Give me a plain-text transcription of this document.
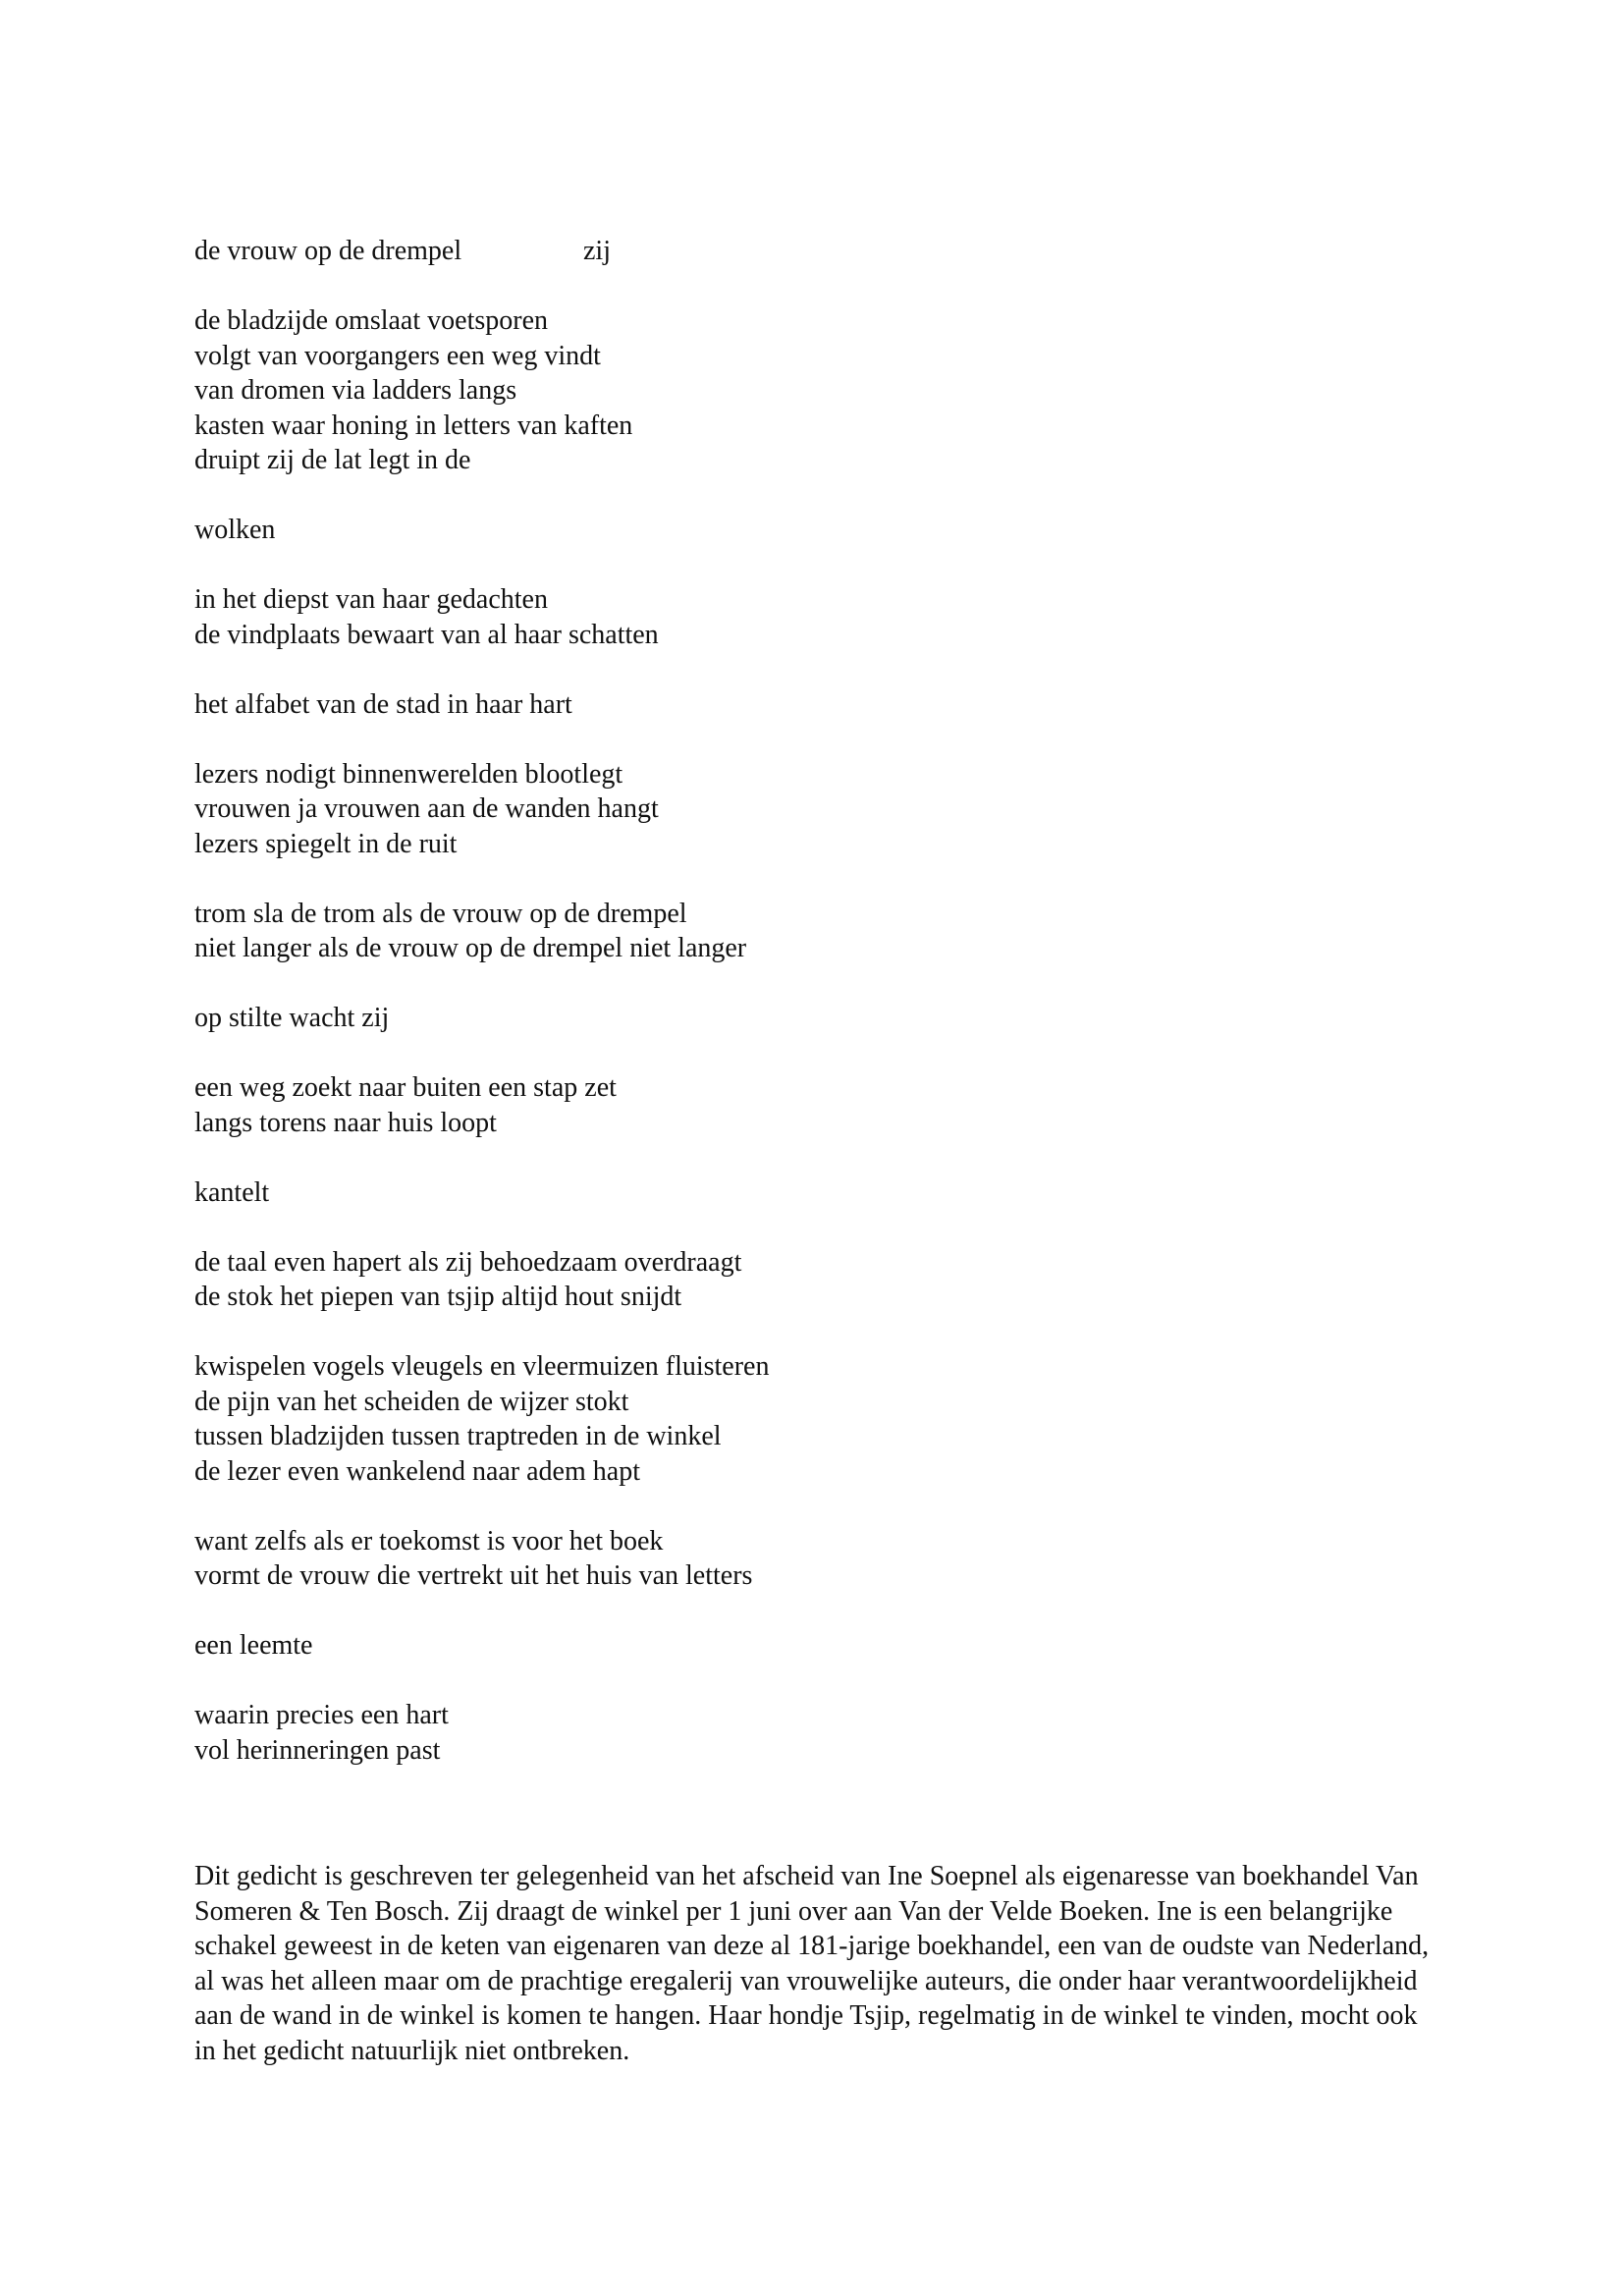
de vrouw op de drempel	zij
de bladzijde omslaat voetsporen
volgt van voorgangers een weg vindt
van dromen via ladders langs
kasten waar honing in letters van kaften
druipt zij de lat legt in de
wolken
in het diepst van haar gedachten
de vindplaats bewaart van al haar schatten
het alfabet van de stad in haar hart
lezers nodigt binnenwerelden blootlegt
vrouwen ja vrouwen aan de wanden hangt
lezers spiegelt in de ruit
trom sla de trom als de vrouw op de drempel
niet langer als de vrouw op de drempel niet langer
op stilte wacht zij
een weg zoekt naar buiten een stap zet
langs torens naar huis loopt
kantelt
de taal even hapert als zij behoedzaam overdraagt
de stok het piepen van tsjip altijd hout snijdt
kwispelen vogels vleugels en vleermuizen fluisteren
de pijn van het scheiden de wijzer stokt
tussen bladzijden tussen traptreden in de winkel
de lezer even wankelend naar adem hapt
want zelfs als er toekomst is voor het boek
vormt de vrouw die vertrekt uit het huis van letters
een leemte
waarin precies een hart
vol herinneringen past

Dit gedicht is geschreven ter gelegenheid van het afscheid van Ine Soepnel als eigenaresse van boekhandel Van Someren & Ten Bosch. Zij draagt de winkel per 1 juni over aan Van der Velde Boeken. Ine is een belangrijke schakel geweest in de keten van eigenaren van deze al 181-jarige boekhandel, een van de oudste van Nederland, al was het alleen maar om de prachtige eregalerij van vrouwelijke auteurs, die onder haar verantwoordelijkheid aan de wand in de winkel is komen te hangen. Haar hondje Tsjip, regelmatig in de winkel te vinden, mocht ook in het gedicht natuurlijk niet ontbreken.
